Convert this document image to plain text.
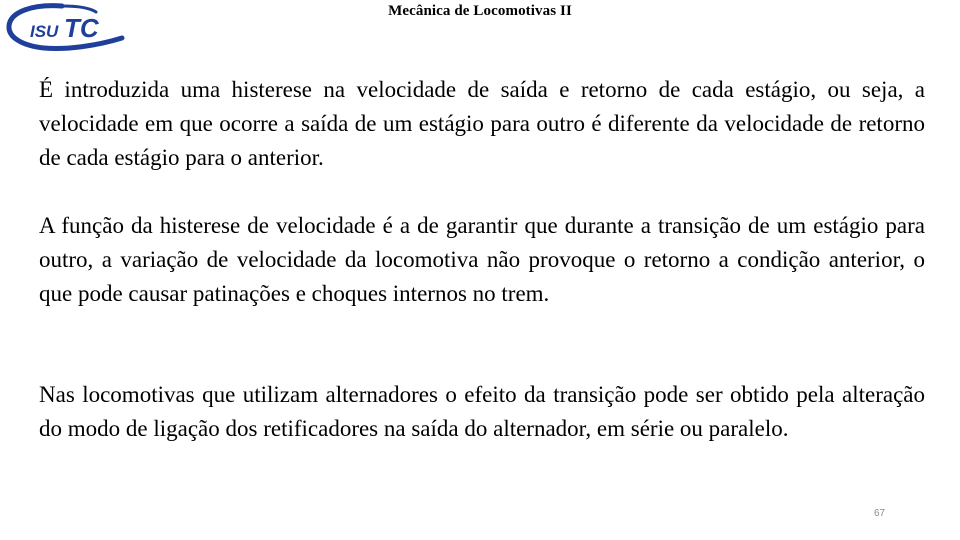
ISU TC
Mecânica de Locomotivas II

É introduzida uma histerese na velocidade de saída e retorno de cada estágio, ou seja, a velocidade em que ocorre a saída de um estágio para outro é diferente da velocidade de retorno de cada estágio para o anterior.

A função da histerese de velocidade é a de garantir que durante a transição de um estágio para outro, a variação de velocidade da locomotiva não provoque o retorno a condição anterior, o que pode causar patinações e choques internos no trem.

Nas locomotivas que utilizam alternadores o efeito da transição pode ser obtido pela alteração do modo de ligação dos retificadores na saída do alternador, em série ou paralelo.

67
